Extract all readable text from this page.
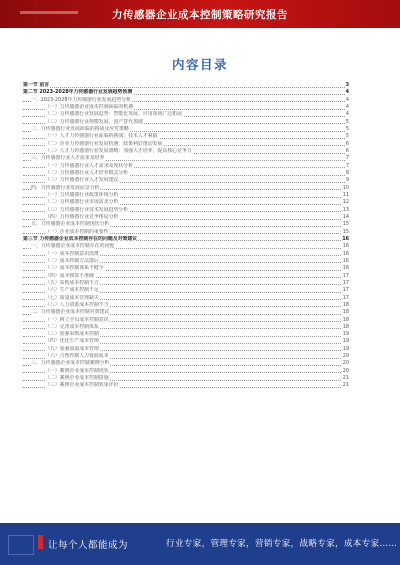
力传感器企业成本控制策略研究报告
内容目录
第一节 前言	3
第二节 2023-2028年力传感器行业发展趋势预测	4
一、2023-2028年力传感器行业发展趋势分析	4
（一）力传感器企业成本控制面临的机遇	4
（二）力传感器行业发展趋势：智能化发展，应用领域广泛拓展	4
（三）力传感器行业规模发展，国产替代加速	5
二、力传感器行业发展面临的挑战及应对策略	5
（一）人才力传感器行业面临的挑战：技术人才紧缺	5
（二）企业力传感器行业发展机遇：政策利好推动发展	6
（三）人才力传感器行业发展策略：加强人才培养，提高核心竞争力	6
三、力传感器行业人才需求及培养	7
（一）力传感器行业人才需求及现状分析	7
（二）力传感器行业人才培养模式分析	8
（三）力传感器行业人才发展建议	9
四、力传感器行业发展前景分析	10
（一）力传感器行业政策环境分析	11
（二）力传感器行业市场需求分析	12
（三）力传感器行业技术发展趋势分析	13
（四）力传感器行业竞争格局分析	14
五、力传感器企业成本控制现状分析	15
（一）企业成本控制的重要性	15
第三节 力传感器企业成本控制存在的问题及对策建议	16
一、力传感器企业成本控制存在的问题	16
（一）成本控制意识淡薄	16
（二）成本控制方法落后	16
（三）成本控制体系不健全	16
（四）成本核算不准确	17
（五）采购成本控制不力	17
（六）生产成本控制不足	17
（七）质量成本管理缺失	17
（八）人力资源成本控制不当	18
二、力传感器企业成本控制对策建议	18
（一）树立全员成本控制意识	18
（二）完善成本控制体系	18
（三）加强采购成本控制	19
（四）优化生产成本管理	19
（五）加强质量成本管理	19
（六）合理控制人力资源成本	20
三、力传感器企业成本控制案例分析	20
（一）案例企业成本控制现状	20
（二）案例企业成本控制措施	21
（三）案例企业成本控制效果评价	21
让每个人都能成为	行业专家，管理专家，营销专家，战略专家，成本专家……
